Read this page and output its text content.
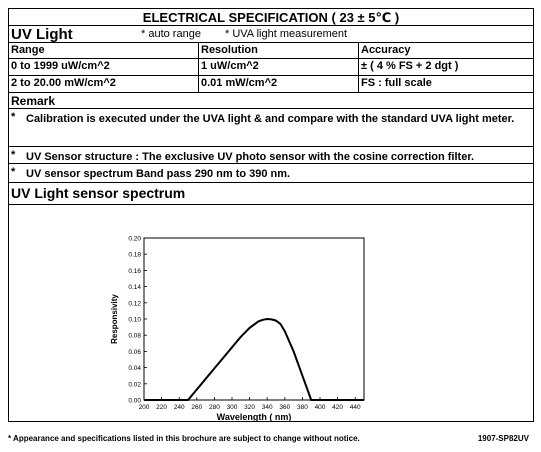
ELECTRICAL SPECIFICATION ( 23 ± 5℃ )
UV Light	* auto range * UVA light measurement
Range	Resolution	Accuracy
0 to 1999 uW/cm^2	1 uW/cm^2	± ( 4 % FS + 2 dgt )
2 to 20.00 mW/cm^2	0.01 mW/cm^2	FS : full scale
Remark
* Calibration is executed under the UVA light & and compare with the standard UVA light meter.
* UV Sensor structure : The exclusive UV photo sensor with the cosine correction filter.
* UV sensor spectrum Band pass 290 nm to 390 nm.
UV Light sensor spectrum
0.00
0.02
0.04
0.06
0.08
0.10
0.12
0.14
0.16
0.18
0.20
200 220 240 260 280 300 320 340 360 380 400 420 440
Responsivity
Wavelength ( nm)
* Appearance and specifications listed in this brochure are subject to change without notice.	1907-SP82UV
